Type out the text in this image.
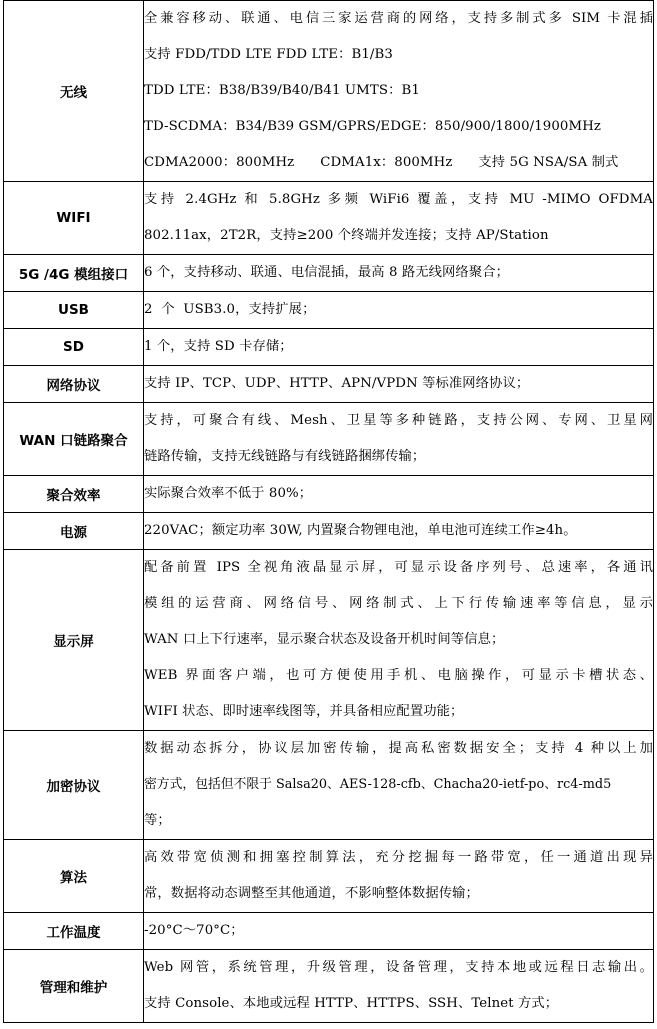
无线	全兼容移动、联通、电信三家运营商的网络，支持多制式多 SIM 卡混插
支持 FDD/TDD LTE FDD LTE：B1/B3
TDD LTE：B38/B39/B40/B41 UMTS：B1
TD-SCDMA：B34/B39 GSM/GPRS/EDGE：850/900/1800/1900MHz
CDMA2000：800MHz      CDMA1x：800MHz      支持 5G NSA/SA 制式

WIFI	支持 2.4GHz 和 5.8GHz 多频 WiFi6 覆盖，支持 MU -MIMO OFDMA
802.11ax，2T2R，支持≥200 个终端并发连接；支持 AP/Station

5G /4G 模组接口	6 个，支持移动、联通、电信混插，最高 8 路无线网络聚合；

USB	2  个  USB3.0，支持扩展；

SD	1 个，支持 SD 卡存储；

网络协议	支持 IP、TCP、UDP、HTTP、APN/VPDN 等标准网络协议；

WAN 口链路聚合	支持，可聚合有线、Mesh、卫星等多种链路，支持公网、专网、卫星网
链路传输，支持无线链路与有线链路捆绑传输；

聚合效率	实际聚合效率不低于 80%；

电源	220VAC；额定功率 30W, 内置聚合物锂电池，单电池可连续工作≥4h。

显示屏	配备前置 IPS 全视角液晶显示屏，可显示设备序列号、总速率，各通讯
模组的运营商、网络信号、网络制式、上下行传输速率等信息，显示
WAN 口上下行速率，显示聚合状态及设备开机时间等信息；
WEB 界面客户端，也可方便使用手机、电脑操作，可显示卡槽状态、
WIFI 状态、即时速率线图等，并具备相应配置功能；

加密协议	数据动态拆分，协议层加密传输，提高私密数据安全；支持 4 种以上加
密方式，包括但不限于 Salsa20、AES-128-cfb、Chacha20-ietf-po、rc4-md5
等；

算法	高效带宽侦测和拥塞控制算法，充分挖掘每一路带宽，任一通道出现异
常，数据将动态调整至其他通道，不影响整体数据传输；

工作温度	-20°C～70°C；

管理和维护	Web 网管，系统管理，升级管理，设备管理，支持本地或远程日志输出。
支持 Console、本地或远程 HTTP、HTTPS、SSH、Telnet 方式；
